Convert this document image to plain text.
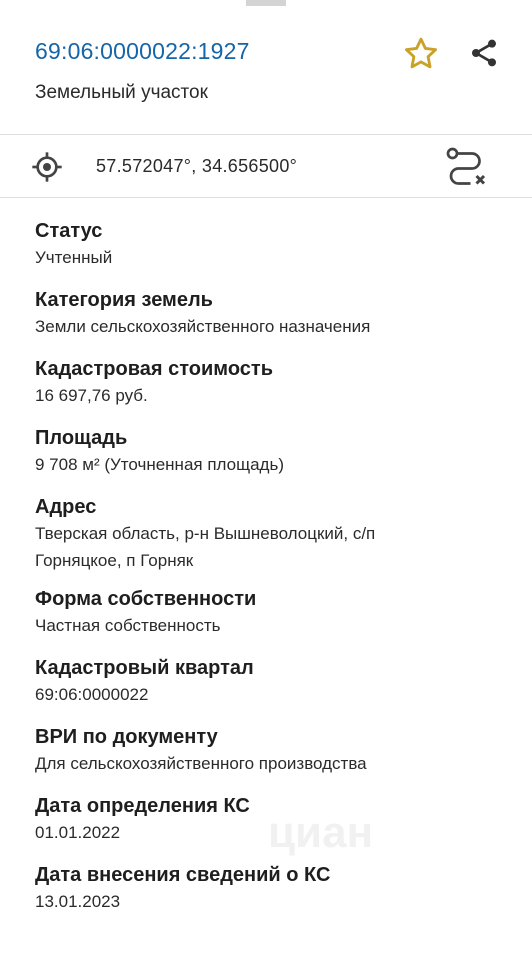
69:06:0000022:1927
Земельный участок
57.572047°, 34.656500°
Статус
Учтенный
Категория земель
Земли сельскохозяйственного назначения
Кадастровая стоимость
16 697,76 руб.
Площадь
9 708 м² (Уточненная площадь)
Адрес
Тверская область, р-н Вышневолоцкий, с/п
Горняцкое, п Горняк
Форма собственности
Частная собственность
Кадастровый квартал
69:06:0000022
ВРИ по документу
Для сельскохозяйственного производства
Дата определения КС
01.01.2022
Дата внесения сведений о КС
13.01.2023
циан
